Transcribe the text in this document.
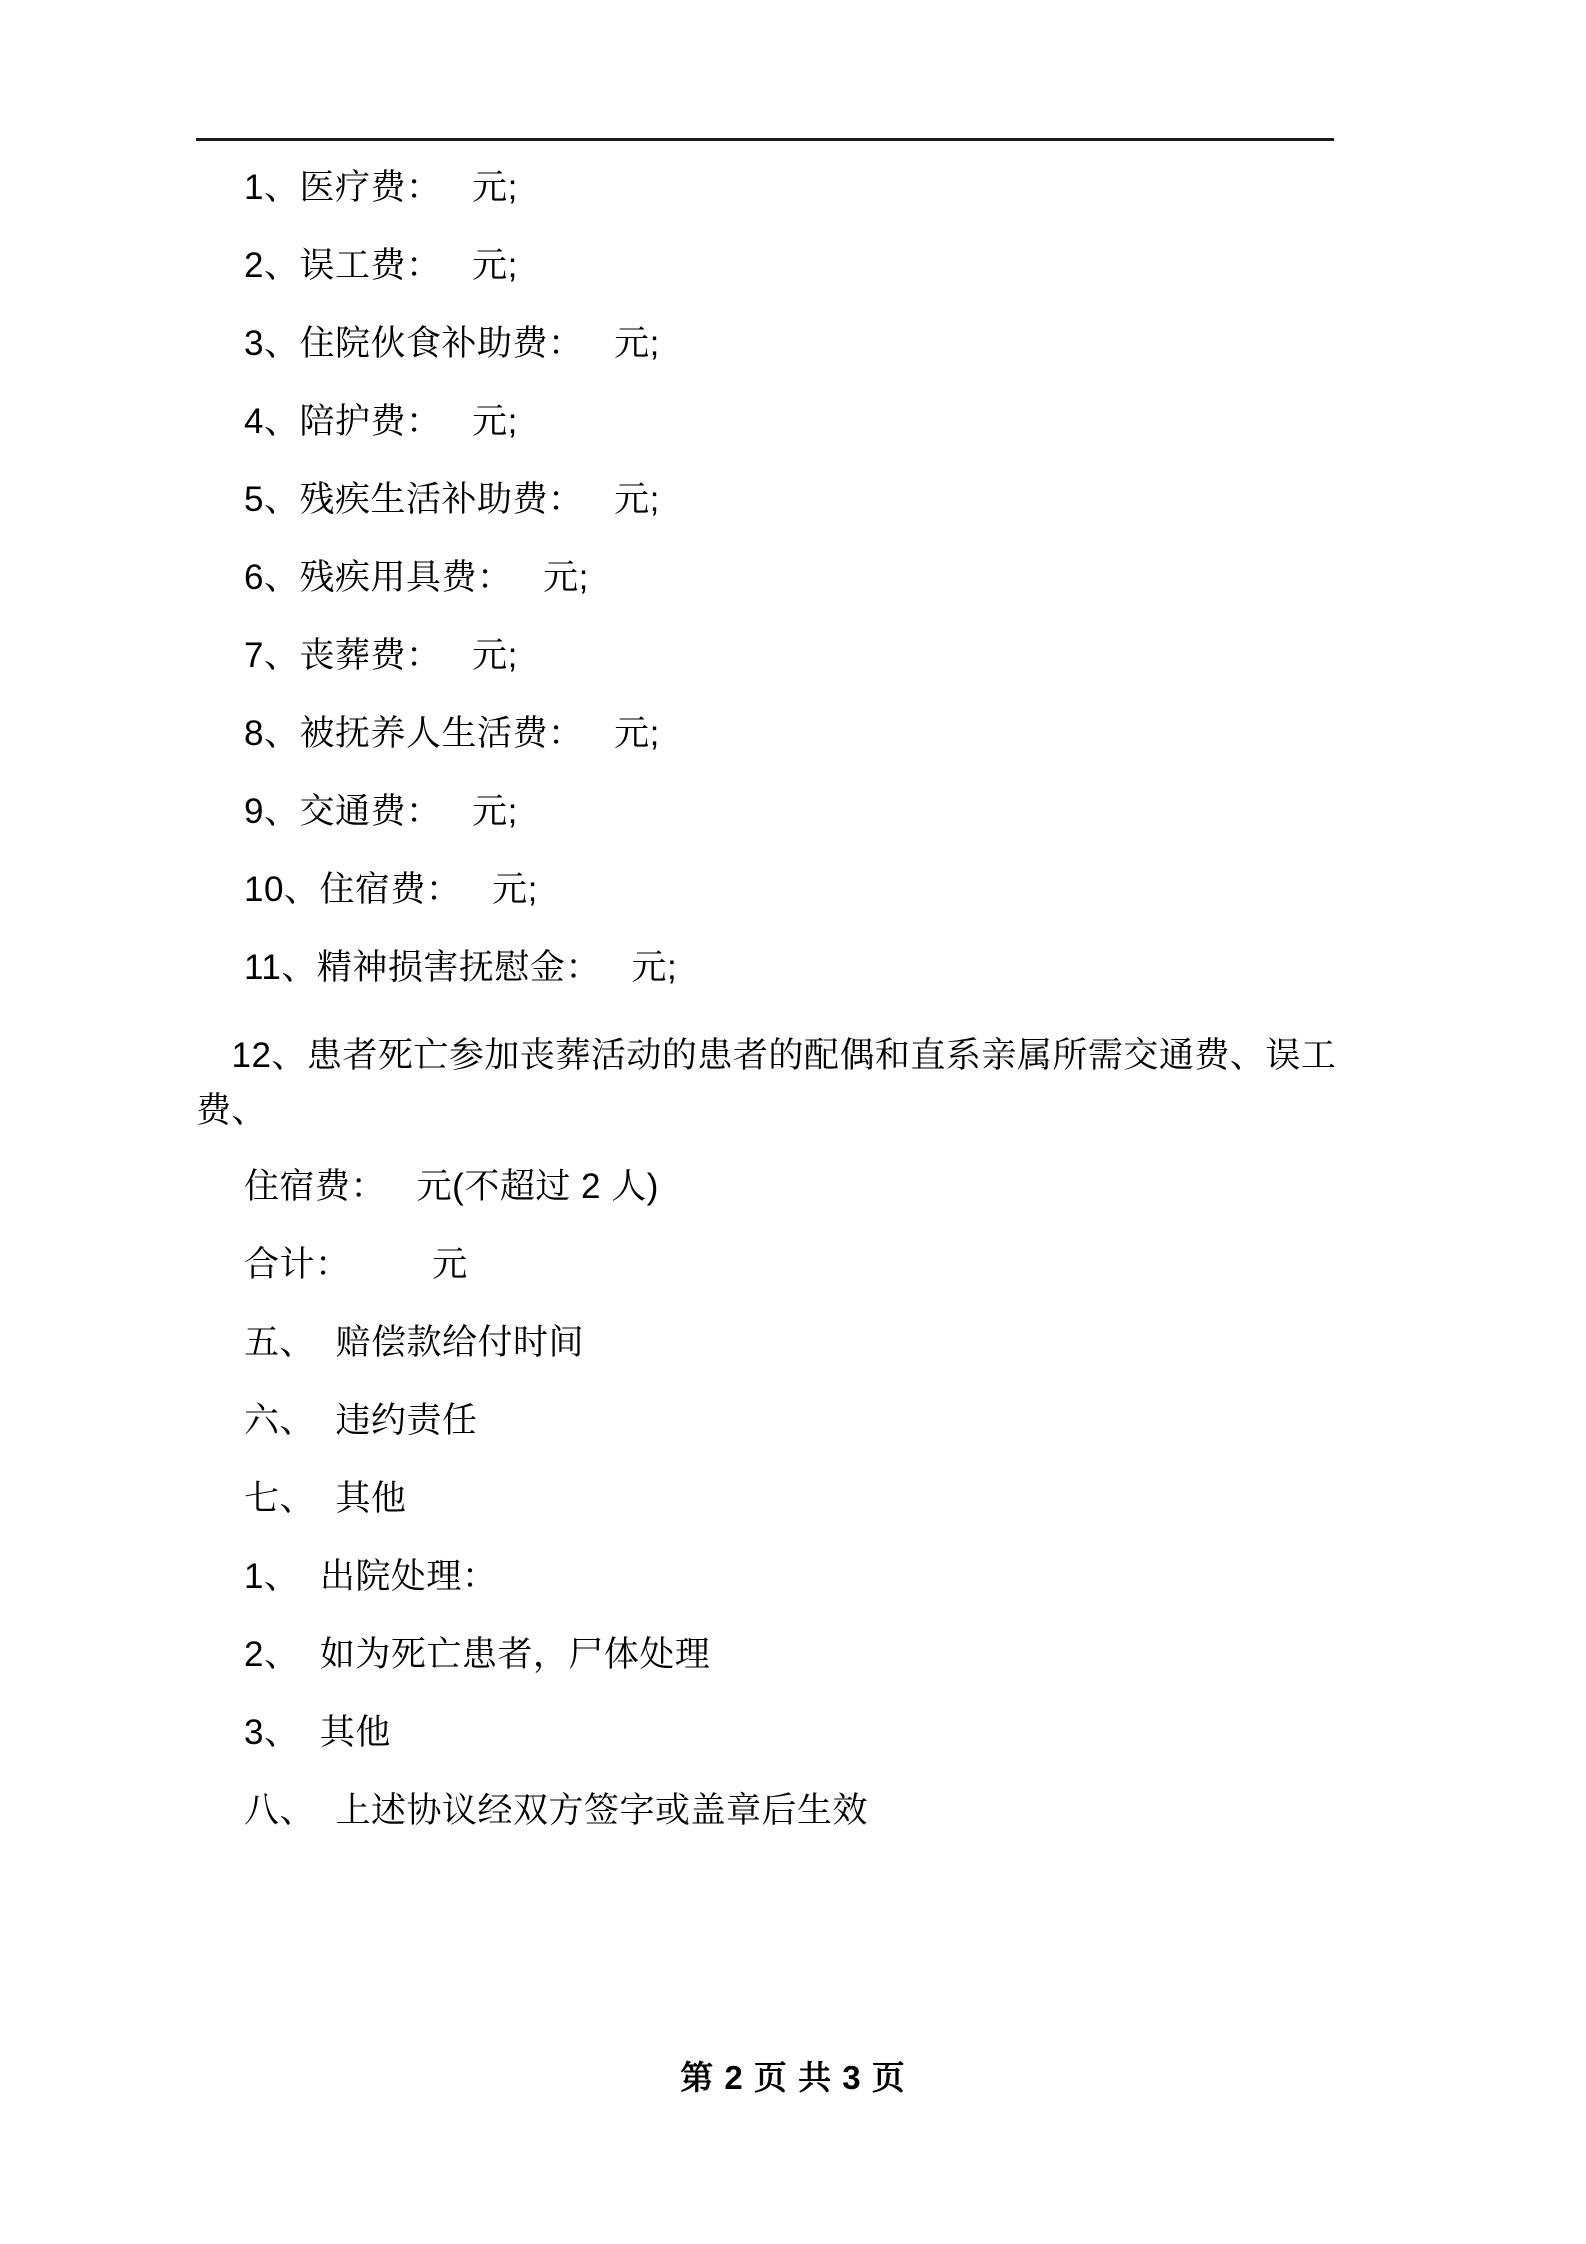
1、医疗费：   元;

2、误工费：   元;

3、住院伙食补助费：   元;

4、陪护费：   元;

5、残疾生活补助费：   元;

6、残疾用具费：   元;

7、丧葬费：   元;

8、被抚养人生活费：   元;

9、交通费：   元;

10、住宿费：   元;

11、精神损害抚慰金：   元;

　12、患者死亡参加丧葬活动的患者的配偶和直系亲属所需交通费、误工费、

住宿费：   元(不超过 2 人)

合计：        元

五、  赔偿款给付时间

六、  违约责任

七、  其他

1、  出院处理：

2、  如为死亡患者，尸体处理

3、  其他

八、  上述协议经双方签字或盖章后生效

第 2 页 共 3 页
